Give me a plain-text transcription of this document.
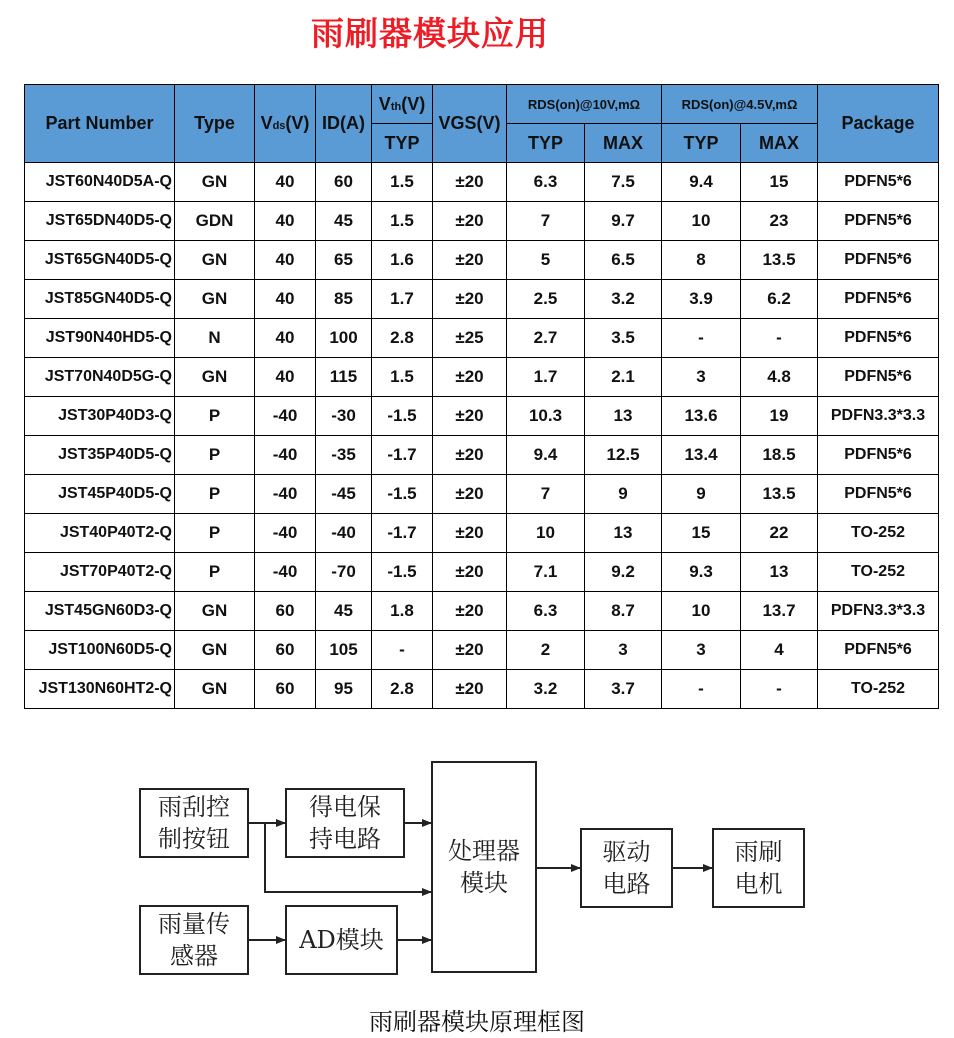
雨刷器模块应用
Part Number	Type	Vds(V)	ID(A)	Vth(V)	VGS(V)	RDS(on)@10V,mΩ		RDS(on)@4.5V,mΩ		Package
				TYP		TYP	MAX	TYP	MAX	
JST60N40D5A-Q	GN	40	60	1.5	±20	6.3	7.5	9.4	15	PDFN5*6
JST65DN40D5-Q	GDN	40	45	1.5	±20	7	9.7	10	23	PDFN5*6
JST65GN40D5-Q	GN	40	65	1.6	±20	5	6.5	8	13.5	PDFN5*6
JST85GN40D5-Q	GN	40	85	1.7	±20	2.5	3.2	3.9	6.2	PDFN5*6
JST90N40HD5-Q	N	40	100	2.8	±25	2.7	3.5	-	-	PDFN5*6
JST70N40D5G-Q	GN	40	115	1.5	±20	1.7	2.1	3	4.8	PDFN5*6
JST30P40D3-Q	P	-40	-30	-1.5	±20	10.3	13	13.6	19	PDFN3.3*3.3
JST35P40D5-Q	P	-40	-35	-1.7	±20	9.4	12.5	13.4	18.5	PDFN5*6
JST45P40D5-Q	P	-40	-45	-1.5	±20	7	9	9	13.5	PDFN5*6
JST40P40T2-Q	P	-40	-40	-1.7	±20	10	13	15	22	TO-252
JST70P40T2-Q	P	-40	-70	-1.5	±20	7.1	9.2	9.3	13	TO-252
JST45GN60D3-Q	GN	60	45	1.8	±20	6.3	8.7	10	13.7	PDFN3.3*3.3
JST100N60D5-Q	GN	60	105	-	±20	2	3	3	4	PDFN5*6
JST130N60HT2-Q	GN	60	95	2.8	±20	3.2	3.7	-	-	TO-252
雨刮控
制按钮
得电保
持电路
雨量传
感器
AD模块
处理器
模块
驱动
电路
雨刷
电机
雨刷器模块原理框图
